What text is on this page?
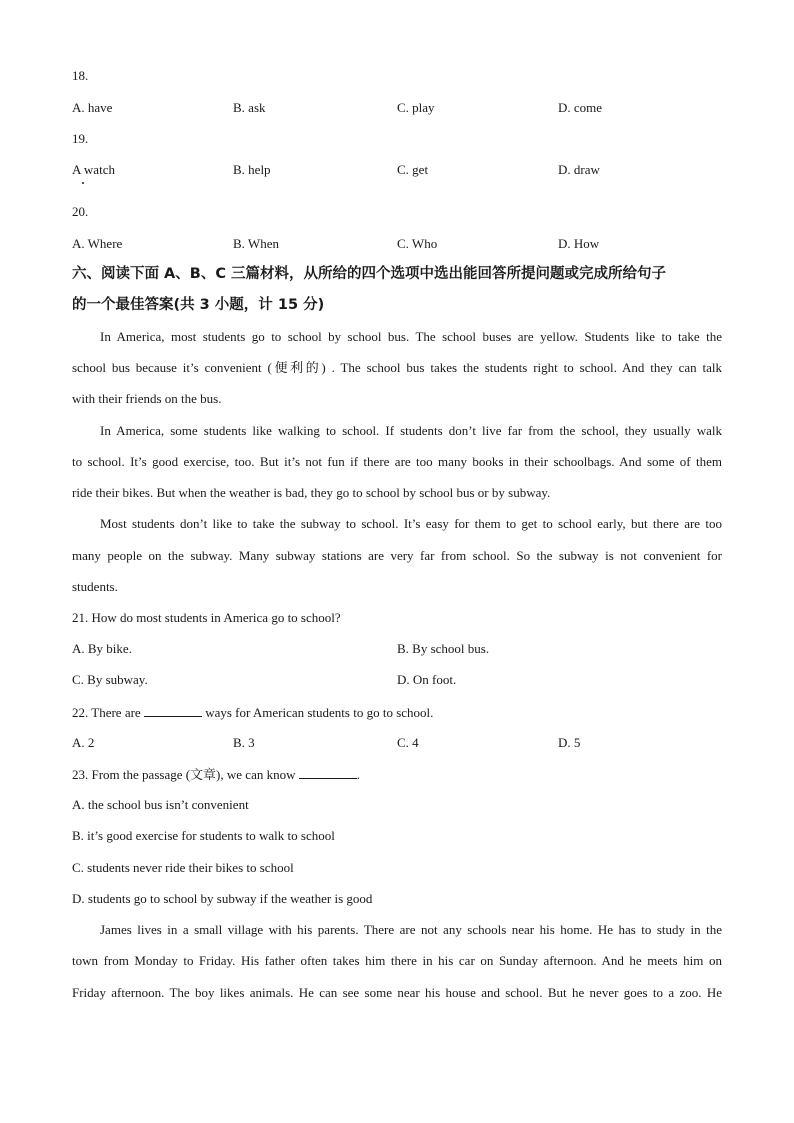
18.
A. have	B. ask	C. play	D. come
19.
A watch	B. help	C. get	D. draw
20.
A. Where	B. When	C. Who	D. How
六、阅读下面 A、B、C 三篇材料，从所给的四个选项中选出能回答所提问题或完成所给句子
的一个最佳答案(共 3 小题，计 15 分)
In America, most students go to school by school bus. The school buses are yellow. Students like to take the
school bus because it’s convenient (便利的) . The school bus takes the students right to school. And they can talk
with their friends on the bus.
In America, some students like walking to school. If students don’t live far from the school, they usually walk
to school. It’s good exercise, too. But it’s not fun if there are too many books in their schoolbags. And some of them
ride their bikes. But when the weather is bad, they go to school by school bus or by subway.
Most students don’t like to take the subway to school. It’s easy for them to get to school early, but there are too
many people on the subway. Many subway stations are very far from school. So the subway is not convenient for
students.
21. How do most students in America go to school?
A. By bike.	B. By school bus.
C. By subway.	D. On foot.
22. There are	ways for American students to go to school.
A. 2	B. 3	C. 4	D. 5
23. From the passage (文章), we can know	.
A. the school bus isn’t convenient
B. it’s good exercise for students to walk to school
C. students never ride their bikes to school
D. students go to school by subway if the weather is good
James lives in a small village with his parents. There are not any schools near his home. He has to study in the
town from Monday to Friday. His father often takes him there in his car on Sunday afternoon. And he meets him on
Friday afternoon. The boy likes animals. He can see some near his house and school. But he never goes to a zoo. He
